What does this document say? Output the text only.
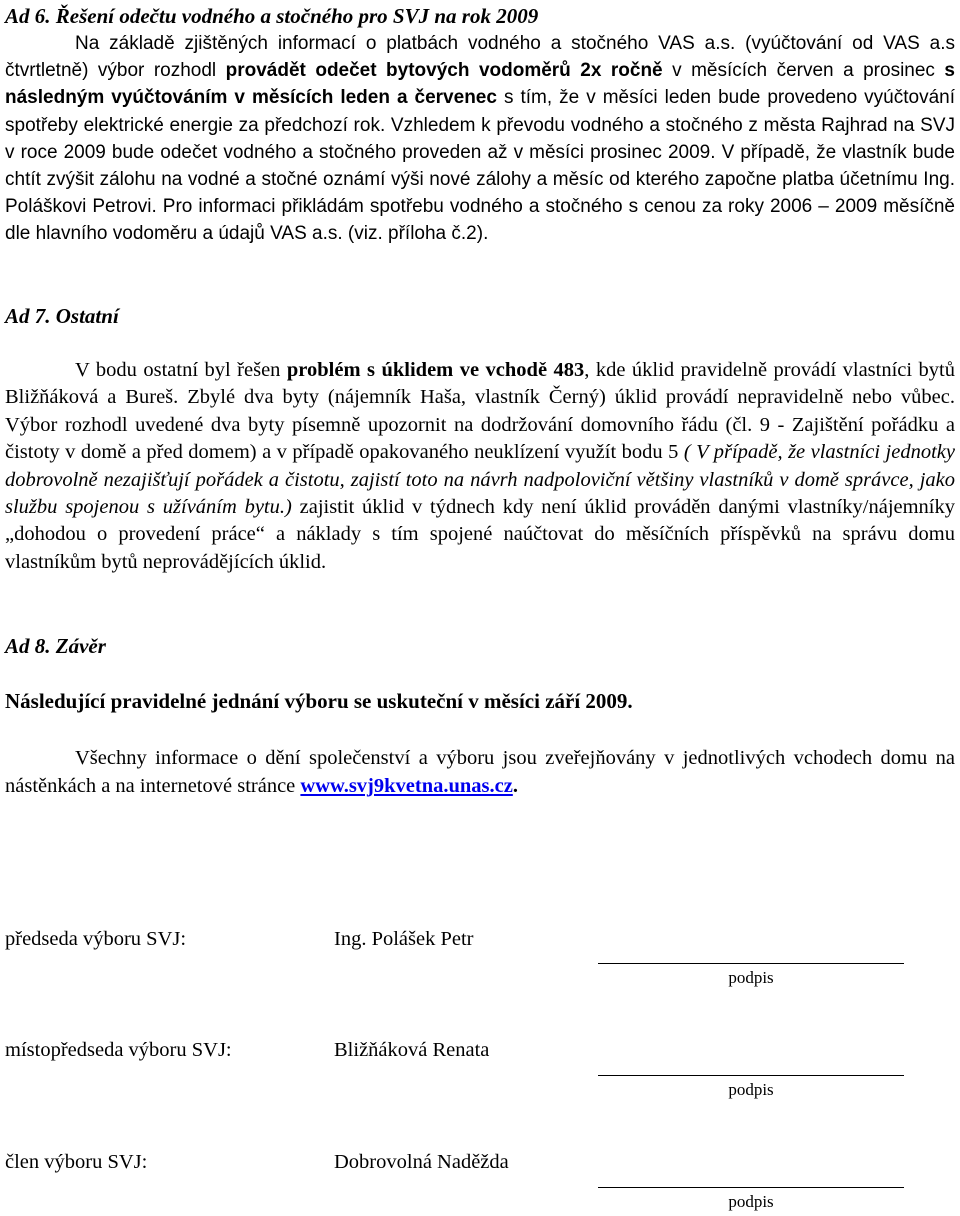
Ad 6. Řešení odečtu vodného a stočného pro SVJ na rok 2009
Na základě zjištěných informací o platbách vodného a stočného VAS a.s. (vyúčtování od VAS a.s čtvrtletně) výbor rozhodl provádět odečet bytových vodoměrů 2x ročně v měsících červen a prosinec s následným vyúčtováním v měsících leden a červenec s tím, že v měsíci leden bude provedeno vyúčtování spotřeby elektrické energie za předchozí rok. Vzhledem k převodu vodného a stočného z města Rajhrad na SVJ v roce 2009 bude odečet vodného a stočného proveden až v měsíci prosinec 2009. V případě, že vlastník bude chtít zvýšit zálohu na vodné a stočné oznámí výši nové zálohy a měsíc od kterého započne platba účetnímu Ing. Poláškovi Petrovi. Pro informaci přikládám spotřebu vodného a stočného s cenou za roky 2006 – 2009 měsíčně dle hlavního vodoměru a údajů VAS a.s. (viz. příloha č.2).
Ad 7. Ostatní
V bodu ostatní byl řešen problém s úklidem ve vchodě 483, kde úklid pravidelně provádí vlastníci bytů Bližňáková a Bureš. Zbylé dva byty (nájemník Haša, vlastník Černý) úklid provádí nepravidelně nebo vůbec. Výbor rozhodl uvedené dva byty písemně upozornit na dodržování domovního řádu (čl. 9 - Zajištění pořádku a čistoty v domě a před domem) a v případě opakovaného neuklízení využít bodu 5 ( V případě, že vlastníci jednotky dobrovolně nezajišťují pořádek a čistotu, zajistí toto na návrh nadpoloviční většiny vlastníků v domě správce, jako službu spojenou s užíváním bytu.) zajistit úklid v týdnech kdy není úklid prováděn danými vlastníky/nájemníky „dohodou o provedení práce“ a náklady s tím spojené naúčtovat do měsíčních příspěvků na správu domu vlastníkům bytů neprovádějících úklid.
Ad 8. Závěr
Následující pravidelné jednání výboru se uskuteční v měsíci září 2009.
Všechny informace o dění společenství a výboru jsou zveřejňovány v jednotlivých vchodech domu na nástěnkách a na internetové stránce www.svj9kvetna.unas.cz.
předseda výboru SVJ:	Ing. Polášek Petr
podpis
místopředseda výboru SVJ:	Bližňáková Renata
podpis
člen výboru SVJ:	Dobrovolná Naděžda
podpis
